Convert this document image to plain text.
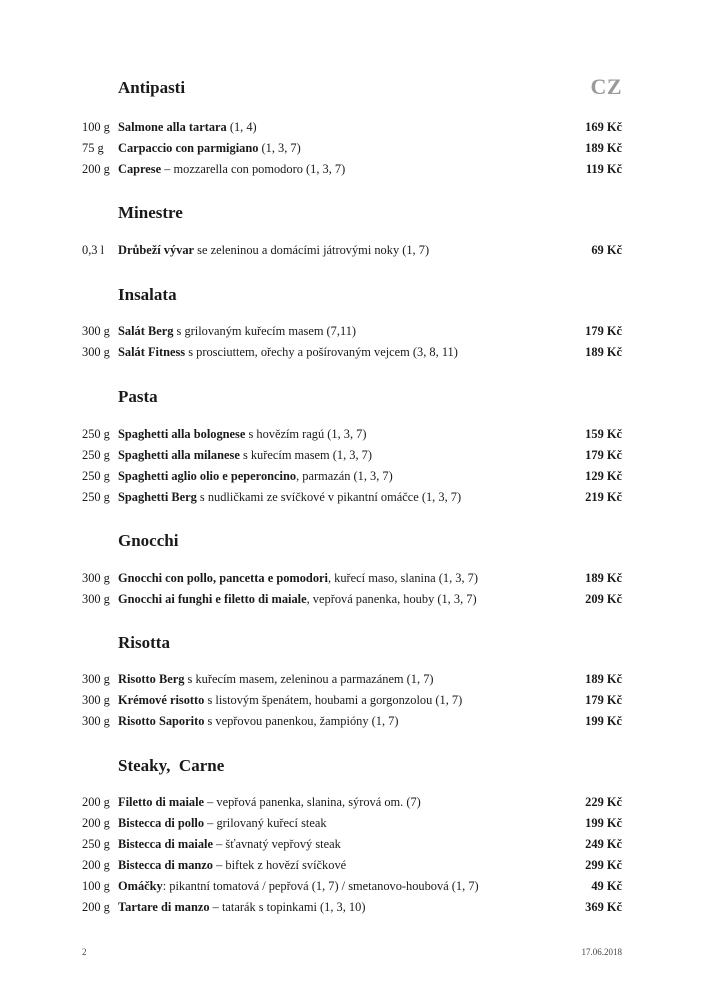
CZ
Antipasti
100 g Salmone alla tartara (1, 4)	169 Kč
75 g Carpaccio con parmigiano (1, 3, 7)	189 Kč
200 g Caprese – mozzarella con pomodoro (1, 3, 7)	119 Kč
Minestre
0,3 l Drůbeží vývar se zeleninou a domácími játrovými noky (1, 7)	69 Kč
Insalata
300 g Salát Berg s grilovaným kuřecím masem (7,11)	179 Kč
300 g Salát Fitness s prosciuttem, ořechy a pošírovaným vejcem (3, 8, 11)	189 Kč
Pasta
250 g Spaghetti alla bolognese s hovězím ragú (1, 3, 7)	159 Kč
250 g Spaghetti alla milanese s kuřecím masem (1, 3, 7)	179 Kč
250 g Spaghetti aglio olio e peperoncino, parmazán (1, 3, 7)	129 Kč
250 g Spaghetti Berg s nudličkami ze svíčkové v pikantní omáčce (1, 3, 7)	219 Kč
Gnocchi
300 g Gnocchi con pollo, pancetta e pomodori, kuřecí maso, slanina (1, 3, 7)	189 Kč
300 g Gnocchi ai funghi e filetto di maiale, vepřová panenka, houby (1, 3, 7)	209 Kč
Risotta
300 g Risotto Berg s kuřecím masem, zeleninou a parmazánem (1, 7)	189 Kč
300 g Krémové risotto s listovým špenátem, houbami a gorgonzolou (1, 7)	179 Kč
300 g Risotto Saporito s vepřovou panenkou, žampióny (1, 7)	199 Kč
Steaky,  Carne
200 g Filetto di maiale – vepřová panenka, slanina, sýrová om. (7)	229 Kč
200 g Bistecca di pollo – grilovaný kuřecí steak	199 Kč
250 g Bistecca di maiale – šťavnatý vepřový steak	249 Kč
200 g Bistecca di manzo – biftek z hovězí svíčkové	299 Kč
100 g Omáčky: pikantní tomatová / pepřová (1, 7) / smetanovo-houbová (1, 7)	49 Kč
200 g Tartare di manzo – tatarák s topinkami (1, 3, 10)	369 Kč
2	17.06.2018
